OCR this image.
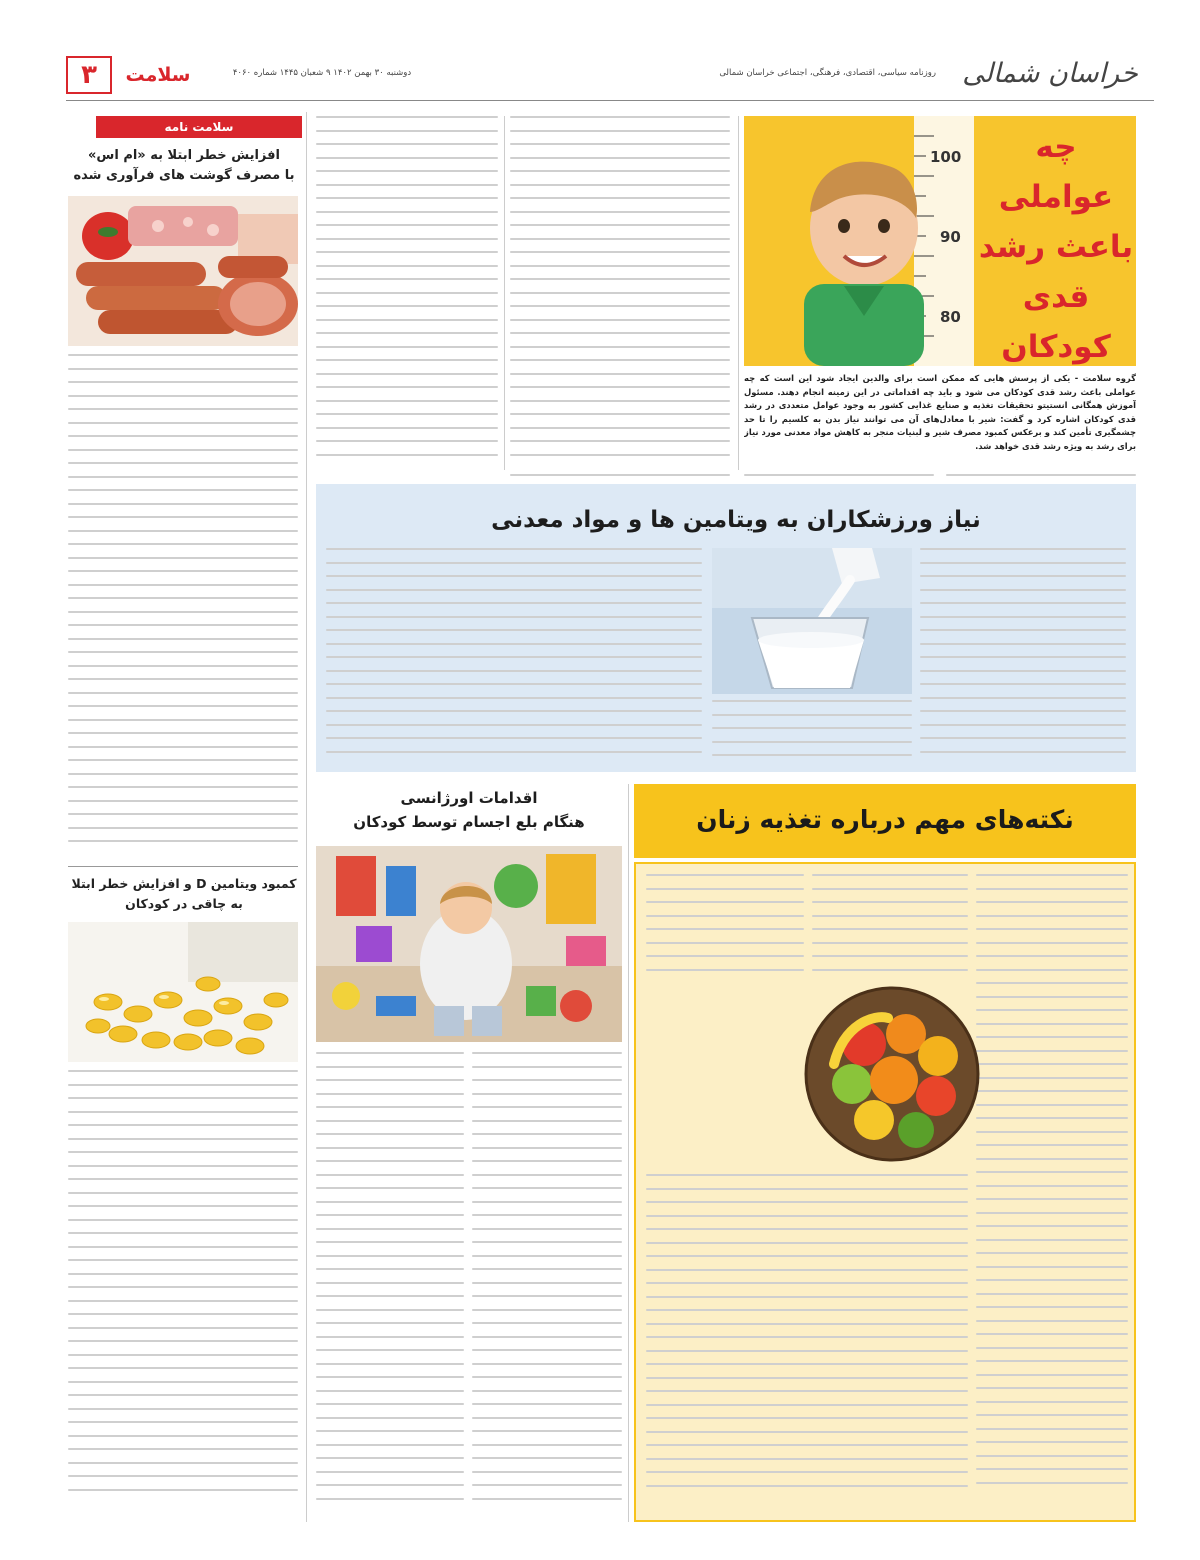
۳	سلامت	دوشنبه ۳۰ بهمن ۱۴۰۲ ۹ شعبان ۱۴۴۵ شماره ۴۰۶۰	روزنامه سیاسی، اقتصادی، فرهنگی، اجتماعی خراسان شمالی خراسان شمالی
سلامت نامه
افزایش خطر ابتلا به «ام اس»
با مصرف گوشت های فرآوری شده
کمبود ویتامین D و افزایش خطر ابتلا
به چاقی در کودکان
100
90
80
چه عواملی
باعث رشد
قدی کودکان
گروه سلامت - یکی از پرسش هایی که ممکن است برای والدین ایجاد شود این است که چه عواملی باعث رشد قدی کودکان می شود و باید چه اقداماتی در این زمینه انجام دهند. مسئول آموزش همگانی انستیتو تحقیقات تغذیه و صنایع غذایی کشور به وجود عوامل متعددی در رشد قدی کودکان اشاره کرد و گفت: شیر با معادل‌های آن می توانند نیاز بدن به کلسیم را تا حد چشمگیری تأمین کند و برعکس کمبود مصرف شیر و لبنیات منجر به کاهش مواد معدنی مورد نیاز برای رشد به ویژه رشد قدی خواهد شد.
نیاز ورزشکاران به ویتامین ها و مواد معدنی
اقدامات اورژانسی
هنگام بلع اجسام توسط کودکان	نکته‌های مهم درباره تغذیه زنان
